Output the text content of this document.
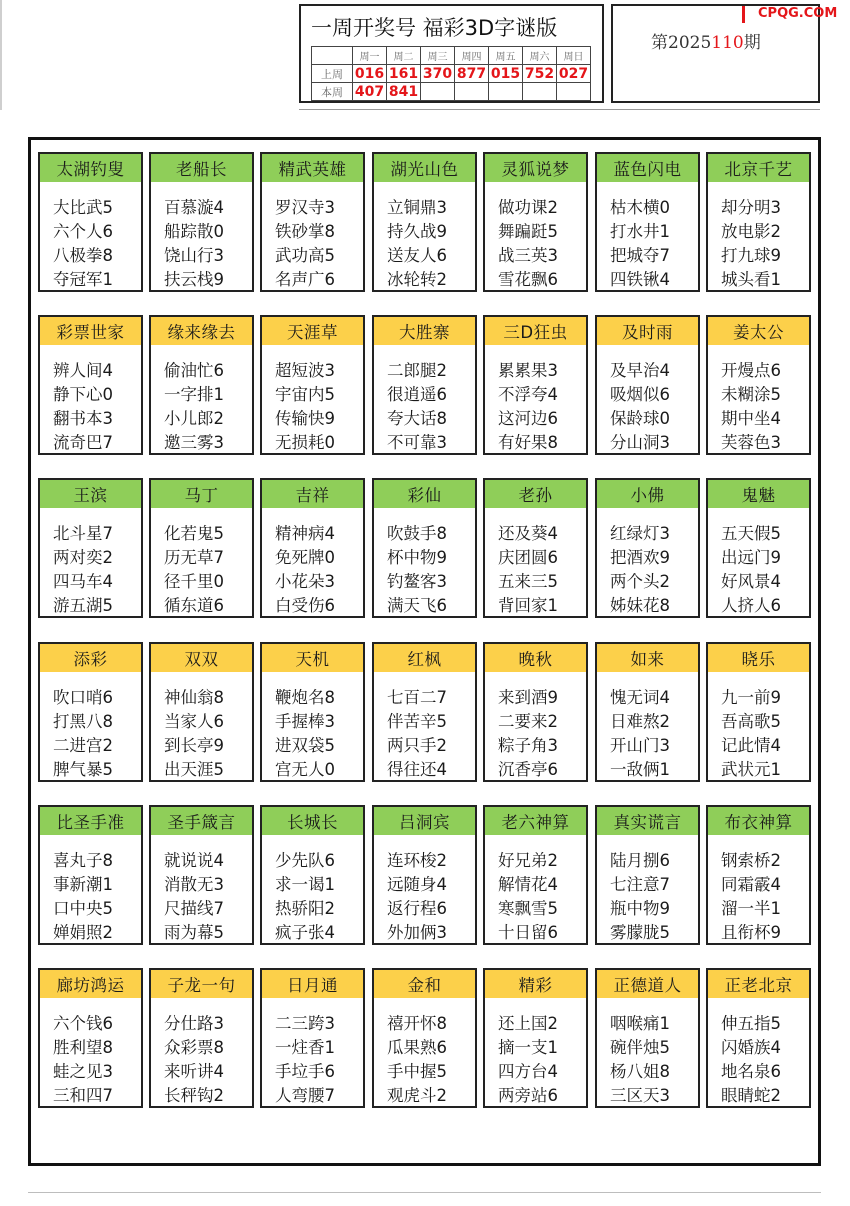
一周开奖号 福彩3D字谜版
	周一	周二	周三	周四	周五	周六	周日
上周	016	161	370	877	015	752	027
本周	407	841					
第2025110期
CPQG.COM
太湖钓叟
大比武5
六个人6
八极拳8
夺冠军1
老船长
百慕漩4
船踪散0
饶山行3
扶云栈9
精武英雄
罗汉寺3
铁砂掌8
武功高5
名声广6
湖光山色
立铜鼎3
持久战9
送友人6
冰轮转2
灵狐说梦
做功课2
舞蹁跹5
战三英3
雪花飘6
蓝色闪电
枯木横0
打水井1
把城夺7
四铁锹4
北京千艺
却分明3
放电影2
打九球9
城头看1
彩票世家
辨人间4
静下心0
翻书本3
流奇巴7
缘来缘去
偷油忙6
一字排1
小儿郎2
邀三雾3
天涯草
超短波3
宇宙内5
传输快9
无损耗0
大胜寨
二郎腿2
很逍遥6
夸大话8
不可靠3
三D狂虫
累累果3
不浮夸4
这河边6
有好果8
及时雨
及早治4
吸烟似6
保龄球0
分山洞3
姜太公
开熳点6
未糊涂5
期中坐4
芙蓉色3
王滨
北斗星7
两对奕2
四马车4
游五湖5
马丁
化若鬼5
历无草7
径千里0
循东道6
吉祥
精神病4
免死牌0
小花朵3
白受伤6
彩仙
吹鼓手8
杯中物9
钓鳌客3
满天飞6
老孙
还及葵4
庆团圆6
五来三5
背回家1
小佛
红绿灯3
把酒欢9
两个头2
姊妹花8
鬼魅
五天假5
出远门9
好风景4
人挤人6
添彩
吹口哨6
打黑八8
二进宫2
脾气暴5
双双
神仙翁8
当家人6
到长亭9
出天涯5
天机
鞭炮名8
手握棒3
进双袋5
宫无人0
红枫
七百二7
伴苦辛5
两只手2
得往还4
晚秋
来到酒9
二要来2
粽子角3
沉香亭6
如来
愧无词4
日难熬2
开山门3
一敌俩1
晓乐
九一前9
吾高歌5
记此情4
武状元1
比圣手准
喜丸子8
事新潮1
口中央5
婵娟照2
圣手箴言
就说说4
消散无3
尺描线7
雨为幕5
长城长
少先队6
求一谒1
热骄阳2
疯子张4
吕洞宾
连环梭2
远随身4
返行程6
外加俩3
老六神算
好兄弟2
解情花4
寒飘雪5
十日留6
真实谎言
陆月捌6
七注意7
瓶中物9
雾朦胧5
布衣神算
钢索桥2
同霜霰4
溜一半1
且衔杯9
廊坊鸿运
六个钱6
胜利望8
蛙之见3
三和四7
子龙一句
分仕路3
众彩票8
来听讲4
长秤钩2
日月通
二三跨3
一炷香1
手垃手6
人弯腰7
金和
禧开怀8
瓜果熟6
手中握5
观虎斗2
精彩
还上国2
摘一支1
四方台4
两旁站6
正德道人
咽喉痛1
碗伴烛5
杨八姐8
三区天3
正老北京
伸五指5
闪婚族4
地名泉6
眼睛蛇2
